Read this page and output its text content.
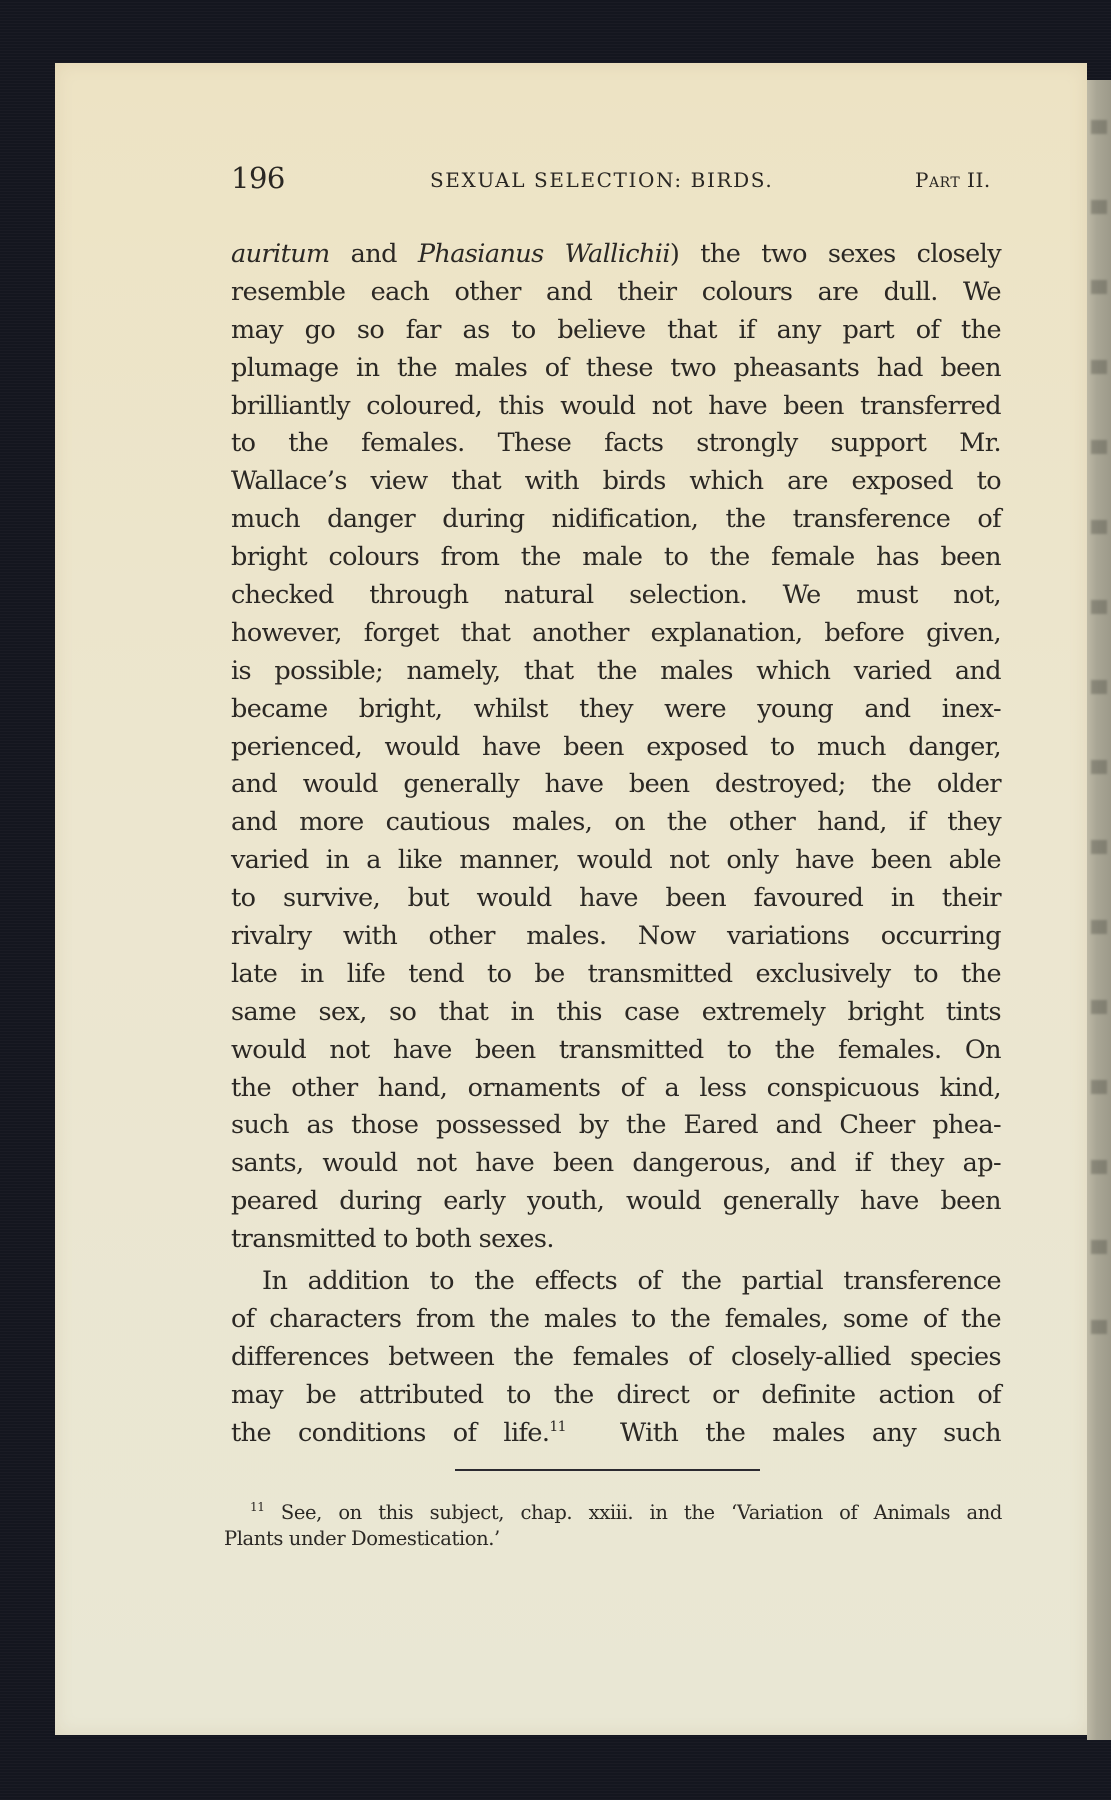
196	SEXUAL SELECTION: BIRDS.	Part II.
auritum and Phasianus Wallichii) the two sexes closely
resemble each other and their colours are dull. We
may go so far as to believe that if any part of the
plumage in the males of these two pheasants had been
brilliantly coloured, this would not have been transferred
to the females. These facts strongly support Mr.
Wallace’s view that with birds which are exposed to
much danger during nidification, the transference of
bright colours from the male to the female has been
checked through natural selection. We must not,
however, forget that another explanation, before given,
is possible; namely, that the males which varied and
became bright, whilst they were young and inex-
perienced, would have been exposed to much danger,
and would generally have been destroyed; the older
and more cautious males, on the other hand, if they
varied in a like manner, would not only have been able
to survive, but would have been favoured in their
rivalry with other males. Now variations occurring
late in life tend to be transmitted exclusively to the
same sex, so that in this case extremely bright tints
would not have been transmitted to the females. On
the other hand, ornaments of a less conspicuous kind,
such as those possessed by the Eared and Cheer phea-
sants, would not have been dangerous, and if they ap-
peared during early youth, would generally have been
transmitted to both sexes.
In addition to the effects of the partial transference
of characters from the males to the females, some of the
differences between the females of closely-allied species
may be attributed to the direct or definite action of
the conditions of life.$^{11}$  With the males any such
$^{11}$ See, on this subject, chap. xxiii. in the ‘Variation of Animals and
Plants under Domestication.’
